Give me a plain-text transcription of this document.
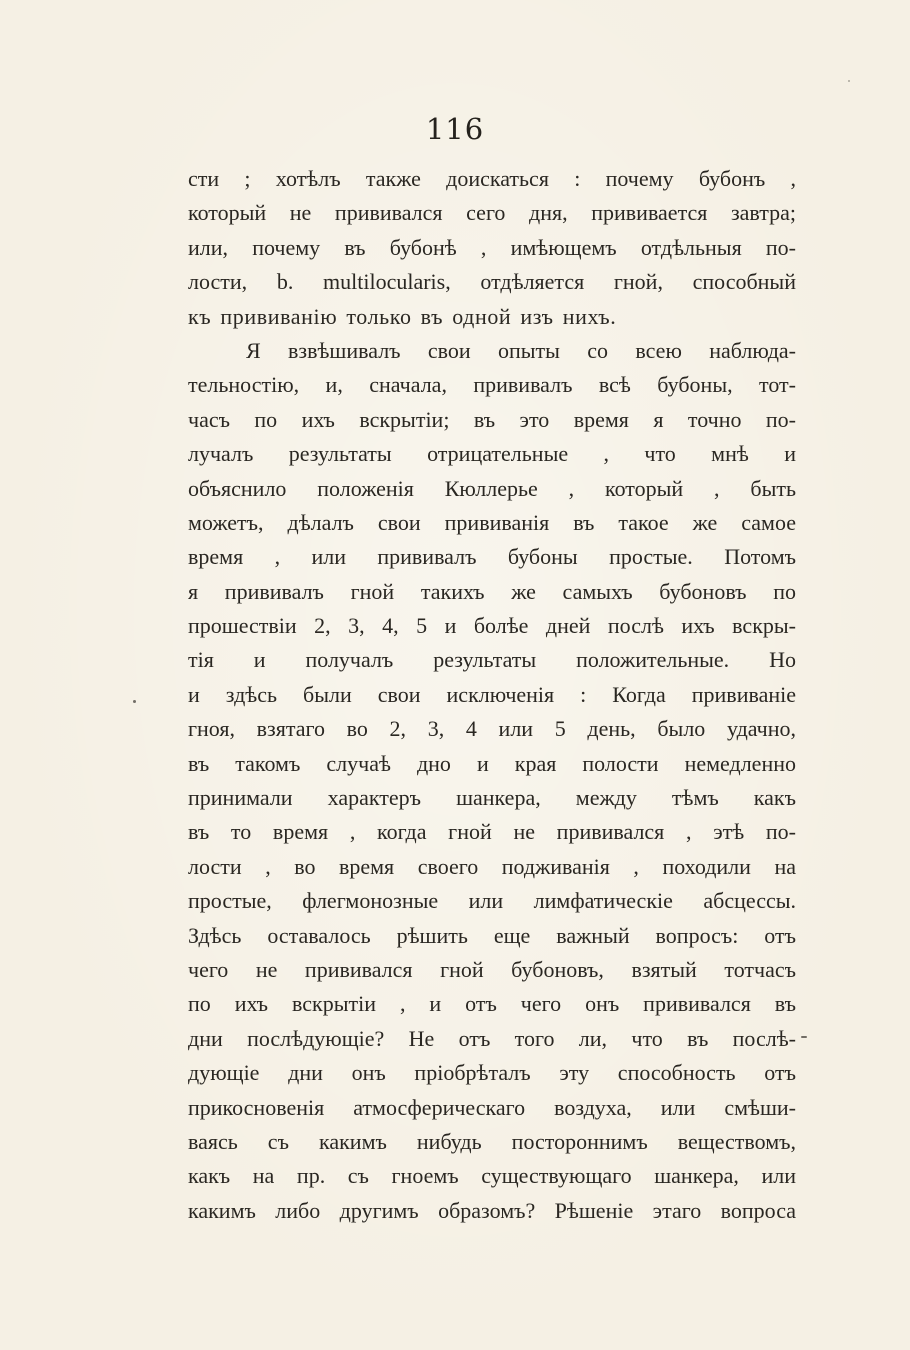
116
сти ; хотѣлъ также доискаться : почему бубонъ ,
который не прививался сего дня, прививается завтра;
или, почему въ бубонѣ , имѣющемъ отдѣльныя по-
лости, b. multilocularis, отдѣляется гной, способный
къ прививанію только въ одной изъ нихъ.
Я взвѣшивалъ свои опыты со всею наблюда-
тельностію, и, сначала, прививалъ всѣ бубоны, тот-
часъ по ихъ вскрытіи; въ это время я точно по-
лучалъ результаты отрицательные , что мнѣ и
объяснило положенія Кюллерье , который , быть
можетъ, дѣлалъ свои прививанія въ такое же самое
время , или прививалъ бубоны простые. Потомъ
я прививалъ гной такихъ же самыхъ бубоновъ по
прошествіи 2, 3, 4, 5 и болѣе дней послѣ ихъ вскры-
тія и получалъ результаты положительные. Но
и здѣсь были свои исключенія : Когда прививаніе
гноя, взятаго во 2, 3, 4 или 5 день, было удачно,
въ такомъ случаѣ дно и края полости немедленно
принимали характеръ шанкера, между тѣмъ какъ
въ то время , когда гной не прививался , этѣ по-
лости , во время своего подживанія , походили на
простые, флегмонозные или лимфатическіе абсцессы.
Здѣсь оставалось рѣшить еще важный вопросъ: отъ
чего не прививался гной бубоновъ, взятый тотчасъ
по ихъ вскрытіи , и отъ чего онъ прививался въ
дни послѣдующіе? Не отъ того ли, что въ послѣ-
дующіе дни онъ пріобрѣталъ эту способность отъ
прикосновенія атмосферическаго воздуха, или смѣши-
ваясь съ какимъ нибудь постороннимъ веществомъ,
какъ на пр. съ гноемъ существующаго шанкера, или
какимъ либо другимъ образомъ? Рѣшеніе этаго вопроса
